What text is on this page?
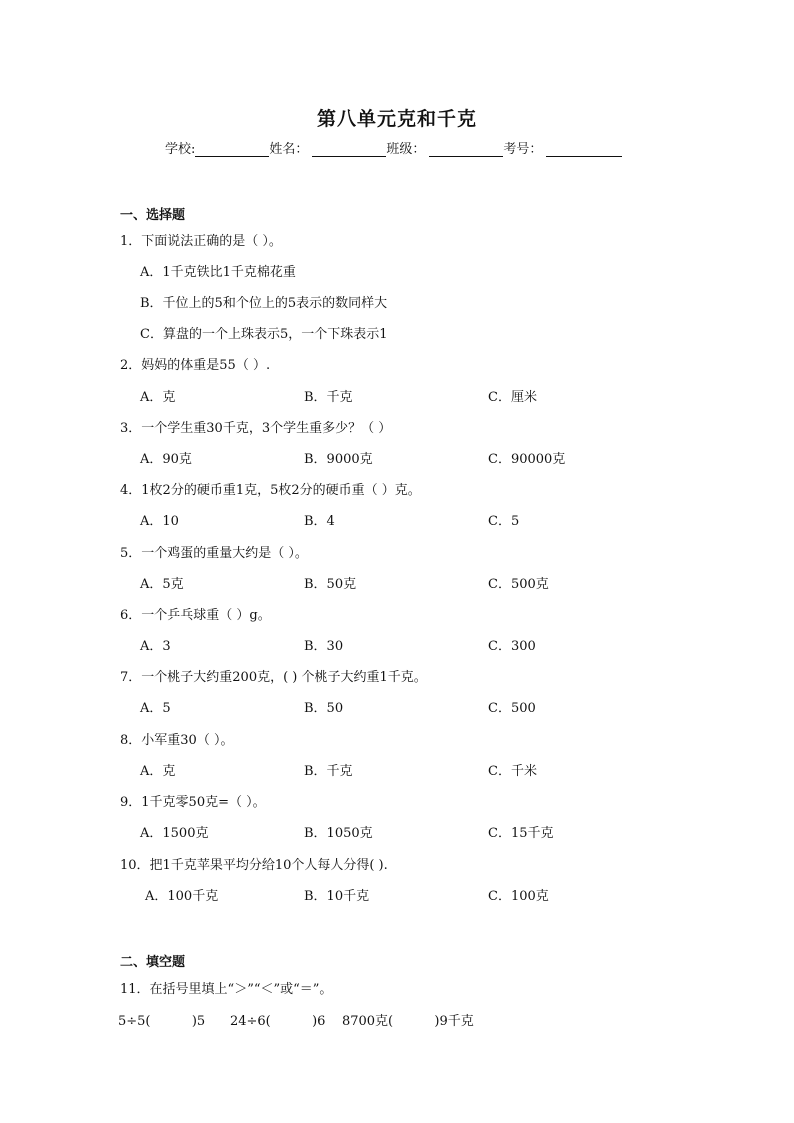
第八单元克和千克
学校:	姓名：	班级：	考号：
一、选择题
1．下面说法正确的是（ ）。
A．1千克铁比1千克棉花重
B．千位上的5和个位上的5表示的数同样大
C．算盘的一个上珠表示5，一个下珠表示1
2．妈妈的体重是55（ ）.
A．克	B．千克	C．厘米
3．一个学生重30千克，3个学生重多少？（ ）
A．90克	B．9000克	C．90000克
4．1枚2分的硬币重1克，5枚2分的硬币重（ ）克。
A．10	B．4	C．5
5．一个鸡蛋的重量大约是（ ）。
A．5克	B．50克	C．500克
6．一个乒乓球重（ ）g。
A．3	B．30	C．300
7．一个桃子大约重200克，( ) 个桃子大约重1千克。
A．5	B．50	C．500
8．小军重30（ ）。
A．克	B．千克	C．千米
9．1千克零50克=（ ）。
A．1500克	B．1050克	C．15千克
10．把1千克苹果平均分给10个人每人分得( ).
A．100千克	B．10千克	C．100克
二、填空题
11．在括号里填上“＞”“＜”或“＝”。
5÷5(          )5      24÷6(          )6    8700克(          )9千克
